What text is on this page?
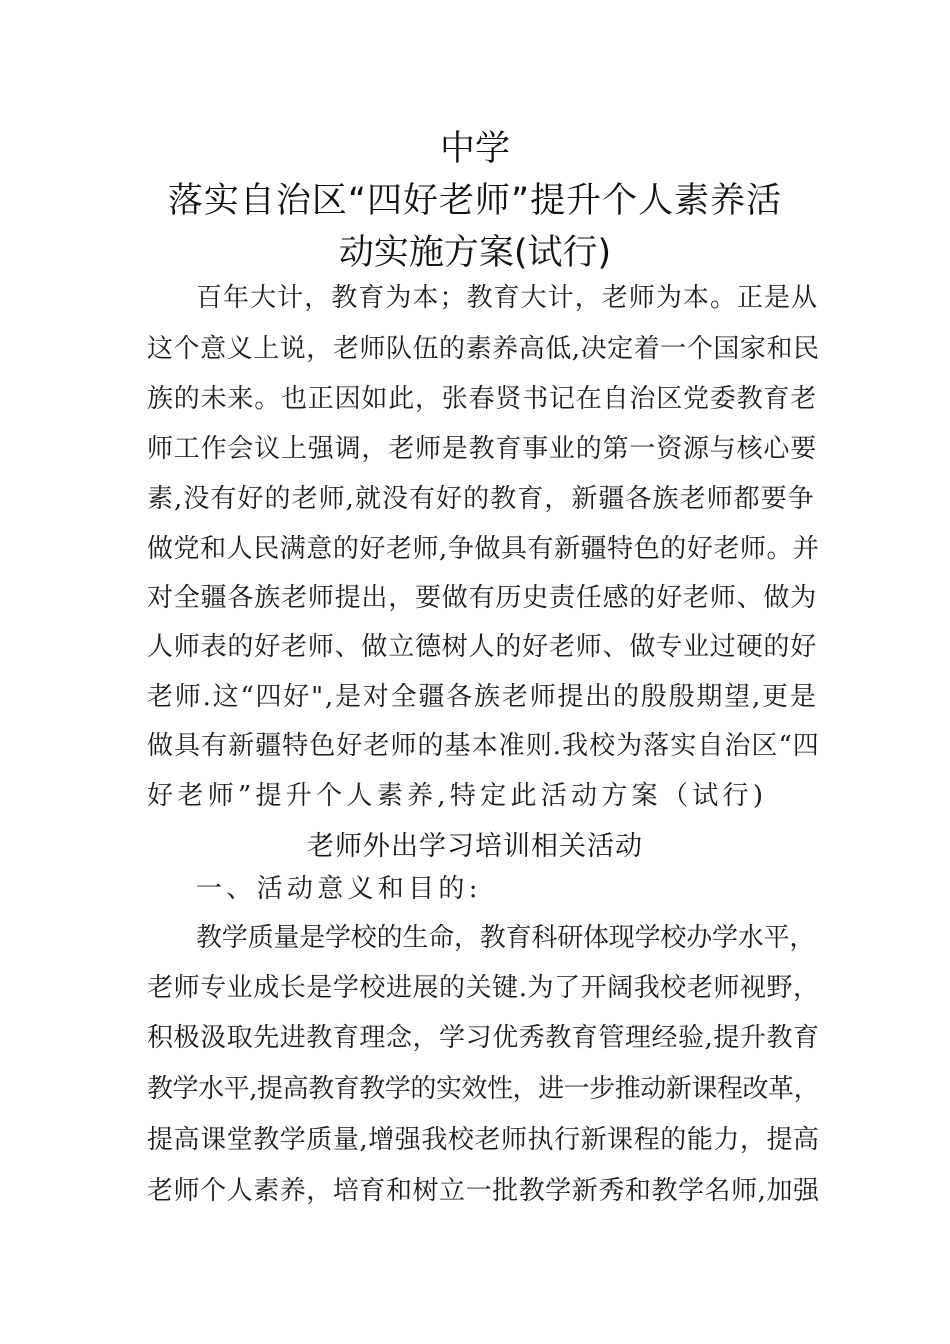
中学
落实自治区“四好老师”提升个人素养活
动实施方案(试行)
百年大计，教育为本；教育大计，老师为本。正是从
这个意义上说，老师队伍的素养高低,决定着一个国家和民
族的未来。也正因如此，张春贤书记在自治区党委教育老
师工作会议上强调，老师是教育事业的第一资源与核心要
素,没有好的老师,就没有好的教育，新疆各族老师都要争
做党和人民满意的好老师,争做具有新疆特色的好老师。并
对全疆各族老师提出，要做有历史责任感的好老师、做为
人师表的好老师、做立德树人的好老师、做专业过硬的好
老师.这“四好",是对全疆各族老师提出的殷殷期望,更是
做具有新疆特色好老师的基本准则.我校为落实自治区“四
好老师”提升个人素养,特定此活动方案（试行)
老师外出学习培训相关活动
一、活动意义和目的:
教学质量是学校的生命，教育科研体现学校办学水平，
老师专业成长是学校进展的关键.为了开阔我校老师视野，
积极汲取先进教育理念，学习优秀教育管理经验,提升教育
教学水平,提高教育教学的实效性，进一步推动新课程改革，
提高课堂教学质量,增强我校老师执行新课程的能力，提高
老师个人素养，培育和树立一批教学新秀和教学名师,加强
